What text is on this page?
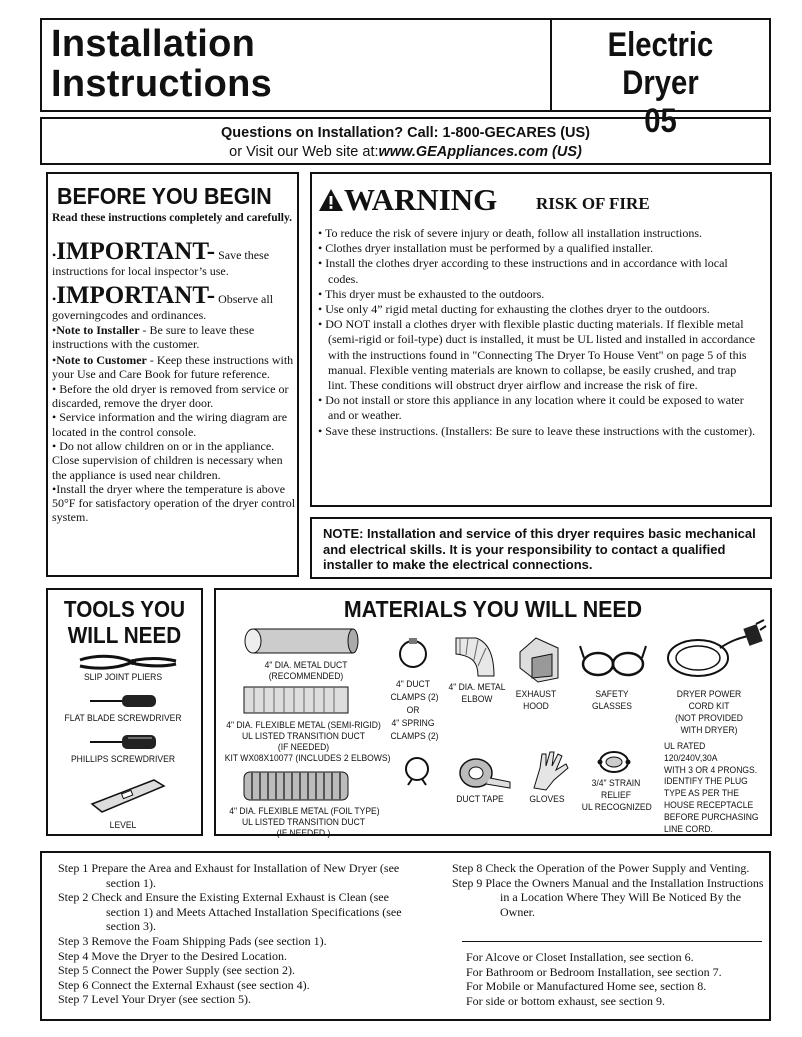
Installation
Instructions
Electric Dryer
05
Questions on Installation? Call: 1-800-GECARES (US)
or Visit our Web site at:www.GEAppliances.com (US)
BEFORE YOU BEGIN
Read these instructions completely and carefully.

•IMPORTANT- Save these instructions for local inspector’s use.

•IMPORTANT- Observe all governingcodes and ordinances.

•Note to Installer - Be sure to leave these instructions with the customer.

•Note to Customer - Keep these instructions with your Use and Care Book for future reference.

• Before the old dryer is removed from service or discarded, remove the dryer door.

• Service information and the wiring diagram are located in the control console.

• Do not allow children on or in the appliance. Close supervision of children is necessary when the appliance is used near children.

•Install the dryer where the temperature is above 50°F for satisfactory operation of the dryer control system.

WARNING RISK OF FIRE

• To reduce the risk of severe injury or death, follow all installation instructions.

• Clothes dryer installation must be performed by a qualified installer.

• Install the clothes dryer according to these instructions and in accordance with local codes.

• This dryer must be exhausted to the outdoors.

• Use only 4” rigid metal ducting for exhausting the clothes dryer to the outdoors.

• DO NOT install a clothes dryer with flexible plastic ducting materials. If flexible metal (semi-rigid or foil-type) duct is installed, it must be UL listed and installed in accordance with the instructions found in "Connecting The Dryer To House Vent" on page 5 of this manual. Flexible venting materials are known to collapse, be easily crushed, and trap lint. These conditions will obstruct dryer airflow and increase the risk of fire.

• Do not install or store this appliance in any location where it could be exposed to water and or weather.

• Save these instructions. (Installers: Be sure to leave these instructions with the customer).

NOTE: Installation and service of this dryer requires basic mechanical and electrical skills. It is your responsibility to contact a qualified installer to make the electrical connections.
TOOLS YOU
WILL NEED
SLIP JOINT PLIERS
FLAT BLADE SCREWDRIVER
PHILLIPS SCREWDRIVER
LEVEL
MATERIALS YOU WILL NEED
4" DIA. METAL DUCT
(RECOMMENDED)
4" DIA. FLEXIBLE METAL (SEMI-RIGID)
UL LISTED TRANSITION DUCT
(IF NEEDED)
KIT WX08X10077 (INCLUDES 2 ELBOWS)
4" DIA. FLEXIBLE METAL (FOIL TYPE)
UL LISTED TRANSITION DUCT
(IF NEEDED.)
4" DUCT
CLAMPS (2)
OR
4" SPRING
CLAMPS (2)
4" DIA. METAL
ELBOW	EXHAUST
HOOD
SAFETY
GLASSES
DRYER POWER
CORD KIT
(NOT PROVIDED
WITH DRYER)
UL RATED
120/240V,30A
WITH 3 OR 4 PRONGS.
IDENTIFY THE PLUG
TYPE AS PER THE
HOUSE RECEPTACLE
BEFORE PURCHASING
LINE CORD.
DUCT TAPE	GLOVES
3/4" STRAIN
RELIEF
UL RECOGNIZED

Step 1 Prepare the Area and Exhaust for Installation of New Dryer (see section 1).

Step 2 Check and Ensure the Existing External Exhaust is Clean (see section 1) and Meets Attached Installation Specifications (see section 3).

Step 3 Remove the Foam Shipping Pads (see section 1).

Step 4 Move the Dryer to the Desired Location.

Step 5 Connect the Power Supply (see section 2).

Step 6 Connect the External Exhaust (see section 4).

Step 7 Level Your Dryer (see section 5).

Step 8 Check the Operation of the Power Supply and Venting.

Step 9 Place the Owners Manual and the Installation Instructions in a Location Where They Will Be Noticed By the Owner.

For Alcove or Closet Installation, see section 6.
For Bathroom or Bedroom Installation, see section 7.
For Mobile or Manufactured Home see, section 8.
For side or bottom exhaust, see section 9.
